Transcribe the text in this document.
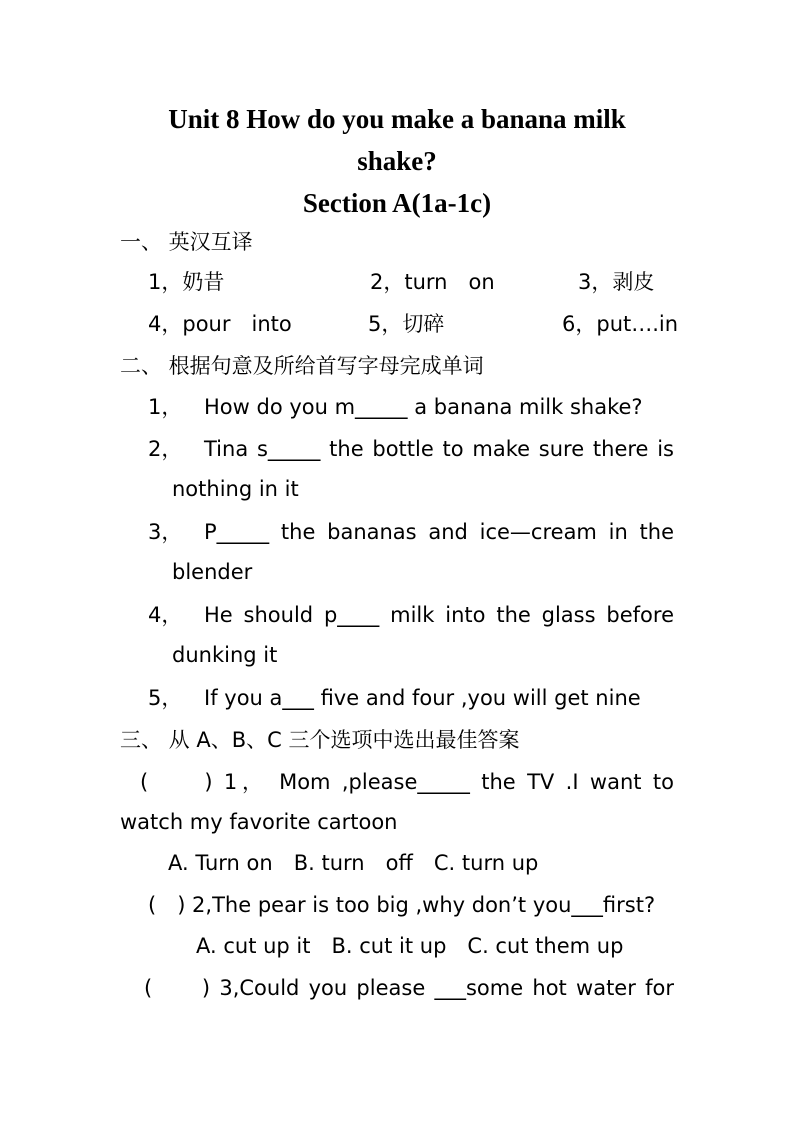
Unit 8 How do you make a banana milk
shake?
Section A(1a-1c)
一、 英汉互译
1，奶昔	2，turn　on	3，剥皮
4，pour　into	5，切碎	6，put….in
二、 根据句意及所给首写字母完成单词
1， How do you m_____ a banana milk shake?
2， Tina s_____ the bottle to make sure there is
nothing in it
3， P_____ the bananas and ice—cream in the
blender
4， He should p____ milk into the glass before
dunking it
5， If you a___ five and four ,you will get nine
三、 从 A、B、C 三个选项中选出最佳答案
(　　) 1， Mom ,please_____ the TV .I want to
watch my favorite cartoon
A. Turn on　B. turn　off　C. turn up
(　) 2,The pear is too big ,why don’t you___first?
A. cut up it　B. cut it up　C. cut them up
(　　) 3,Could you please ___some hot water for
